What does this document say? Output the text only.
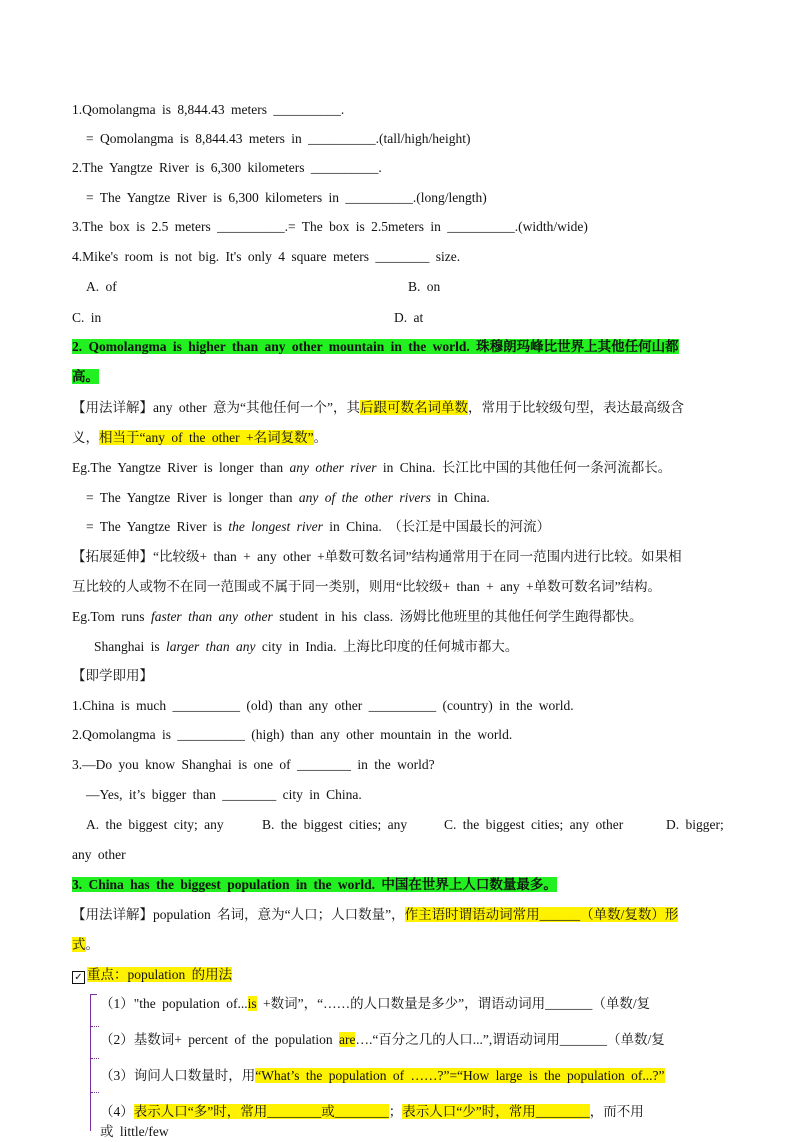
1.Qomolangma is 8,844.43 meters __________.
= Qomolangma is 8,844.43 meters in __________.(tall/high/height)
2.The Yangtze River is 6,300 kilometers __________.
= The Yangtze River is 6,300 kilometers in __________.(long/length)
3.The box is 2.5 meters __________.= The box is 2.5meters in __________.(width/wide)
4.Mike's room is not big. It's only 4 square meters ________ size.
A. of	B. on
C. in	D. at
2. Qomolangma is higher than any other mountain in the world. 珠穆朗玛峰比世界上其他任何山都
高。
【用法详解】any other 意为“其他任何一个”，其后跟可数名词单数，常用于比较级句型，表达最高级含
义，相当于“any of the other +名词复数”。
Eg.The Yangtze River is longer than any other river in China. 长江比中国的其他任何一条河流都长。
= The Yangtze River is longer than any of the other rivers in China.
= The Yangtze River is the longest river in China. （长江是中国最长的河流）
【拓展延伸】“比较级+ than + any other +单数可数名词”结构通常用于在同一范围内进行比较。如果相
互比较的人或物不在同一范围或不属于同一类别，则用“比较级+ than + any +单数可数名词”结构。
Eg.Tom runs faster than any other student in his class. 汤姆比他班里的其他任何学生跑得都快。
Shanghai is larger than any city in India. 上海比印度的任何城市都大。
【即学即用】
1.China is much __________ (old) than any other __________ (country) in the world.
2.Qomolangma is __________ (high) than any other mountain in the world.
3.—Do you know Shanghai is one of ________ in the world?
—Yes, it’s bigger than ________ city in China.
A. the biggest city; any	B. the biggest cities; any	C. the biggest cities; any other	D. bigger;
any other
3. China has the biggest population in the world. 中国在世界上人口数量最多。
【用法详解】population 名词，意为“人口；人口数量”，作主语时谓语动词常用______（单数/复数）形
式。
✓ 重点：population 的用法
（1）"the population of...is +数词”，“……的人口数量是多少”，谓语动词用_______（单数/复
（2）基数词+ percent of the population are….“百分之几的人口...”,谓语动词用_______（单数/复
（3）询问人口数量时，用“What’s the population of ……?”=“How large is the population of...?”
（4）表示人口“多”时，常用________或________；表示人口“少”时，常用________，而不用
或 little/few
